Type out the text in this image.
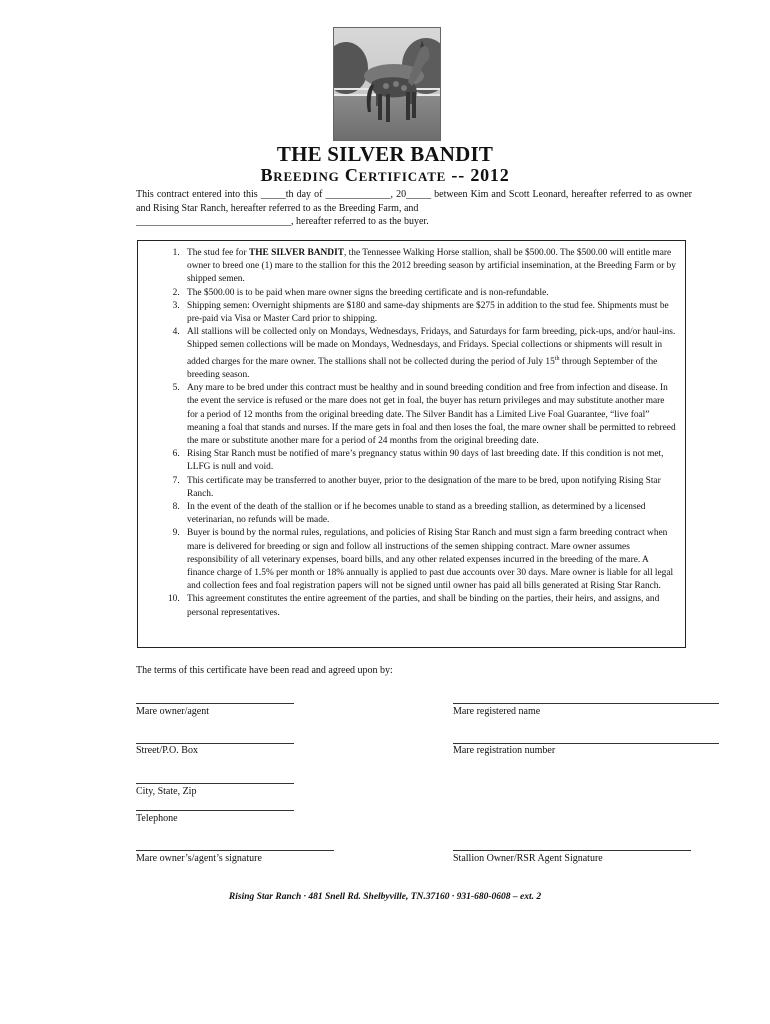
THE SILVER BANDIT
Breeding Certificate -- 2012
This contract entered into this _____th day of _____________, 20_____ between Kim and Scott Leonard, hereafter referred to as owner and Rising Star Ranch, hereafter referred to as the Breeding Farm, and
_______________________________, hereafter referred to as the buyer.
1. The stud fee for THE SILVER BANDIT, the Tennessee Walking Horse stallion, shall be $500.00. The $500.00 will entitle mare owner to breed one (1) mare to the stallion for this the 2012 breeding season by artificial insemination, at the Breeding Farm or by shipped semen.
2. The $500.00 is to be paid when mare owner signs the breeding certificate and is non-refundable.
3. Shipping semen: Overnight shipments are $180 and same-day shipments are $275 in addition to the stud fee. Shipments must be pre-paid via Visa or Master Card prior to shipping.
4. All stallions will be collected only on Mondays, Wednesdays, Fridays, and Saturdays for farm breeding, pick-ups, and/or haul-ins. Shipped semen collections will be made on Mondays, Wednesdays, and Fridays. Special collections or shipments will result in added charges for the mare owner. The stallions shall not be collected during the period of July 15th through September of the breeding season.
5. Any mare to be bred under this contract must be healthy and in sound breeding condition and free from infection and disease. In the event the service is refused or the mare does not get in foal, the buyer has return privileges and may substitute another mare for a period of 12 months from the original breeding date. The Silver Bandit has a Limited Live Foal Guarantee, “live foal” meaning a foal that stands and nurses. If the mare gets in foal and then loses the foal, the mare owner shall be permitted to rebreed the mare or substitute another mare for a period of 24 months from the original breeding date.
6. Rising Star Ranch must be notified of mare’s pregnancy status within 90 days of last breeding date. If this condition is not met, LLFG is null and void.
7. This certificate may be transferred to another buyer, prior to the designation of the mare to be bred, upon notifying Rising Star Ranch.
8. In the event of the death of the stallion or if he becomes unable to stand as a breeding stallion, as determined by a licensed veterinarian, no refunds will be made.
9. Buyer is bound by the normal rules, regulations, and policies of Rising Star Ranch and must sign a farm breeding contract when mare is delivered for breeding or sign and follow all instructions of the semen shipping contract. Mare owner assumes responsibility of all veterinary expenses, board bills, and any other related expenses incurred in the breeding of the mare. A finance charge of 1.5% per month or 18% annually is applied to past due accounts over 30 days. Mare owner is liable for all legal and collection fees and foal registration papers will not be signed until owner has paid all bills generated at Rising Star Ranch.
10. This agreement constitutes the entire agreement of the parties, and shall be binding on the parties, their heirs, and assigns, and personal representatives.
The terms of this certificate have been read and agreed upon by:
Mare owner/agent	Mare registered name
Street/P.O. Box	Mare registration number
City, State, Zip
Telephone
Mare owner’s/agent’s signature	Stallion Owner/RSR Agent Signature
Rising Star Ranch · 481 Snell Rd. Shelbyville, TN.37160 · 931-680-0608 – ext. 2
